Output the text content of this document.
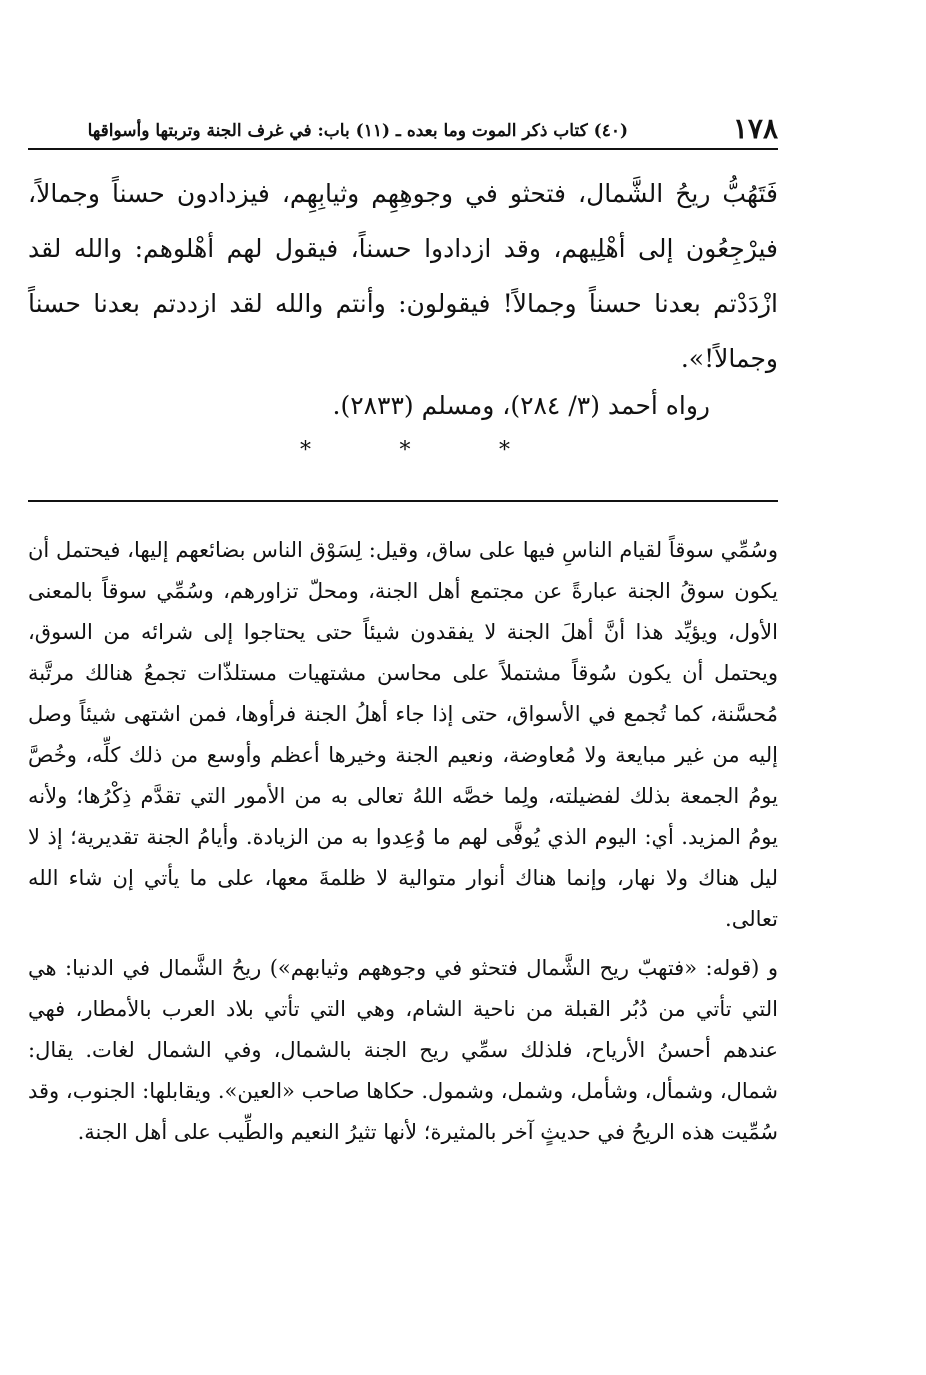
١٧٨
(٤٠) كتاب ذكر الموت وما بعده ـ (١١) باب: في غرف الجنة وتربتها وأسواقها

فَتَهُبُّ ريحُ الشَّمال، فتحثو في وجوهِهِم وثيابِهِم، فيزدادون حسناً وجمالاً، فيرْجِعُون إلى أهْلِيهم، وقد ازدادوا حسناً، فيقول لهم أهْلوهم: والله لقد ازْدَدْتم بعدنا حسناً وجمالاً! فيقولون: وأنتم والله لقد ازددتم بعدنا حسناً وجمالاً!».

رواه أحمد (٣/ ٢٨٤)، ومسلم (٢٨٣٣).
*
*
*

وسُمِّي سوقاً لقيام الناسِ فيها على ساق، وقيل: لِسَوْق الناس بضائعهم إليها، فيحتمل أن يكون سوقُ الجنة عبارةً عن مجتمع أهل الجنة، ومحلّ تزاورهم، وسُمِّي سوقاً بالمعنى الأول، ويؤيِّد هذا أنَّ أهلَ الجنة لا يفقدون شيئاً حتى يحتاجوا إلى شرائه من السوق، ويحتمل أن يكون سُوقاً مشتملاً على محاسن مشتهيات مستلذّات تجمعُ هنالك مرتَّبة مُحسَّنة، كما تُجمع في الأسواق، حتى إذا جاء أهلُ الجنة فرأوها، فمن اشتهى شيئاً وصل إليه من غير مبايعة ولا مُعاوضة، ونعيم الجنة وخيرها أعظم وأوسع من ذلك كلِّه، وخُصَّ يومُ الجمعة بذلك لفضيلته، ولِما خصَّه اللهُ تعالى به من الأمور التي تقدَّم ذِكْرُها؛ ولأنه يومُ المزيد. أي: اليوم الذي يُوفَّى لهم ما وُعِدوا به من الزيادة. وأيامُ الجنة تقديرية؛ إذ لا ليل هناك ولا نهار، وإنما هناك أنوار متوالية لا ظلمةَ معها، على ما يأتي إن شاء الله تعالى.

و (قوله: «فتهبّ ريح الشَّمال فتحثو في وجوههم وثيابهم») ريحُ الشَّمال في الدنيا: هي التي تأتي من دُبُر القبلة من ناحية الشام، وهي التي تأتي بلاد العرب بالأمطار، فهي عندهم أحسنُ الأرياح، فلذلك سمِّي ريح الجنة بالشمال، وفي الشمال لغات. يقال: شمال، وشمأل، وشأمل، وشمل، وشمول. حكاها صاحب «العين». ويقابلها: الجنوب، وقد سُمِّيت هذه الريحُ في حديثٍ آخر بالمثيرة؛ لأنها تثيرُ النعيم والطِّيب على أهل الجنة.
